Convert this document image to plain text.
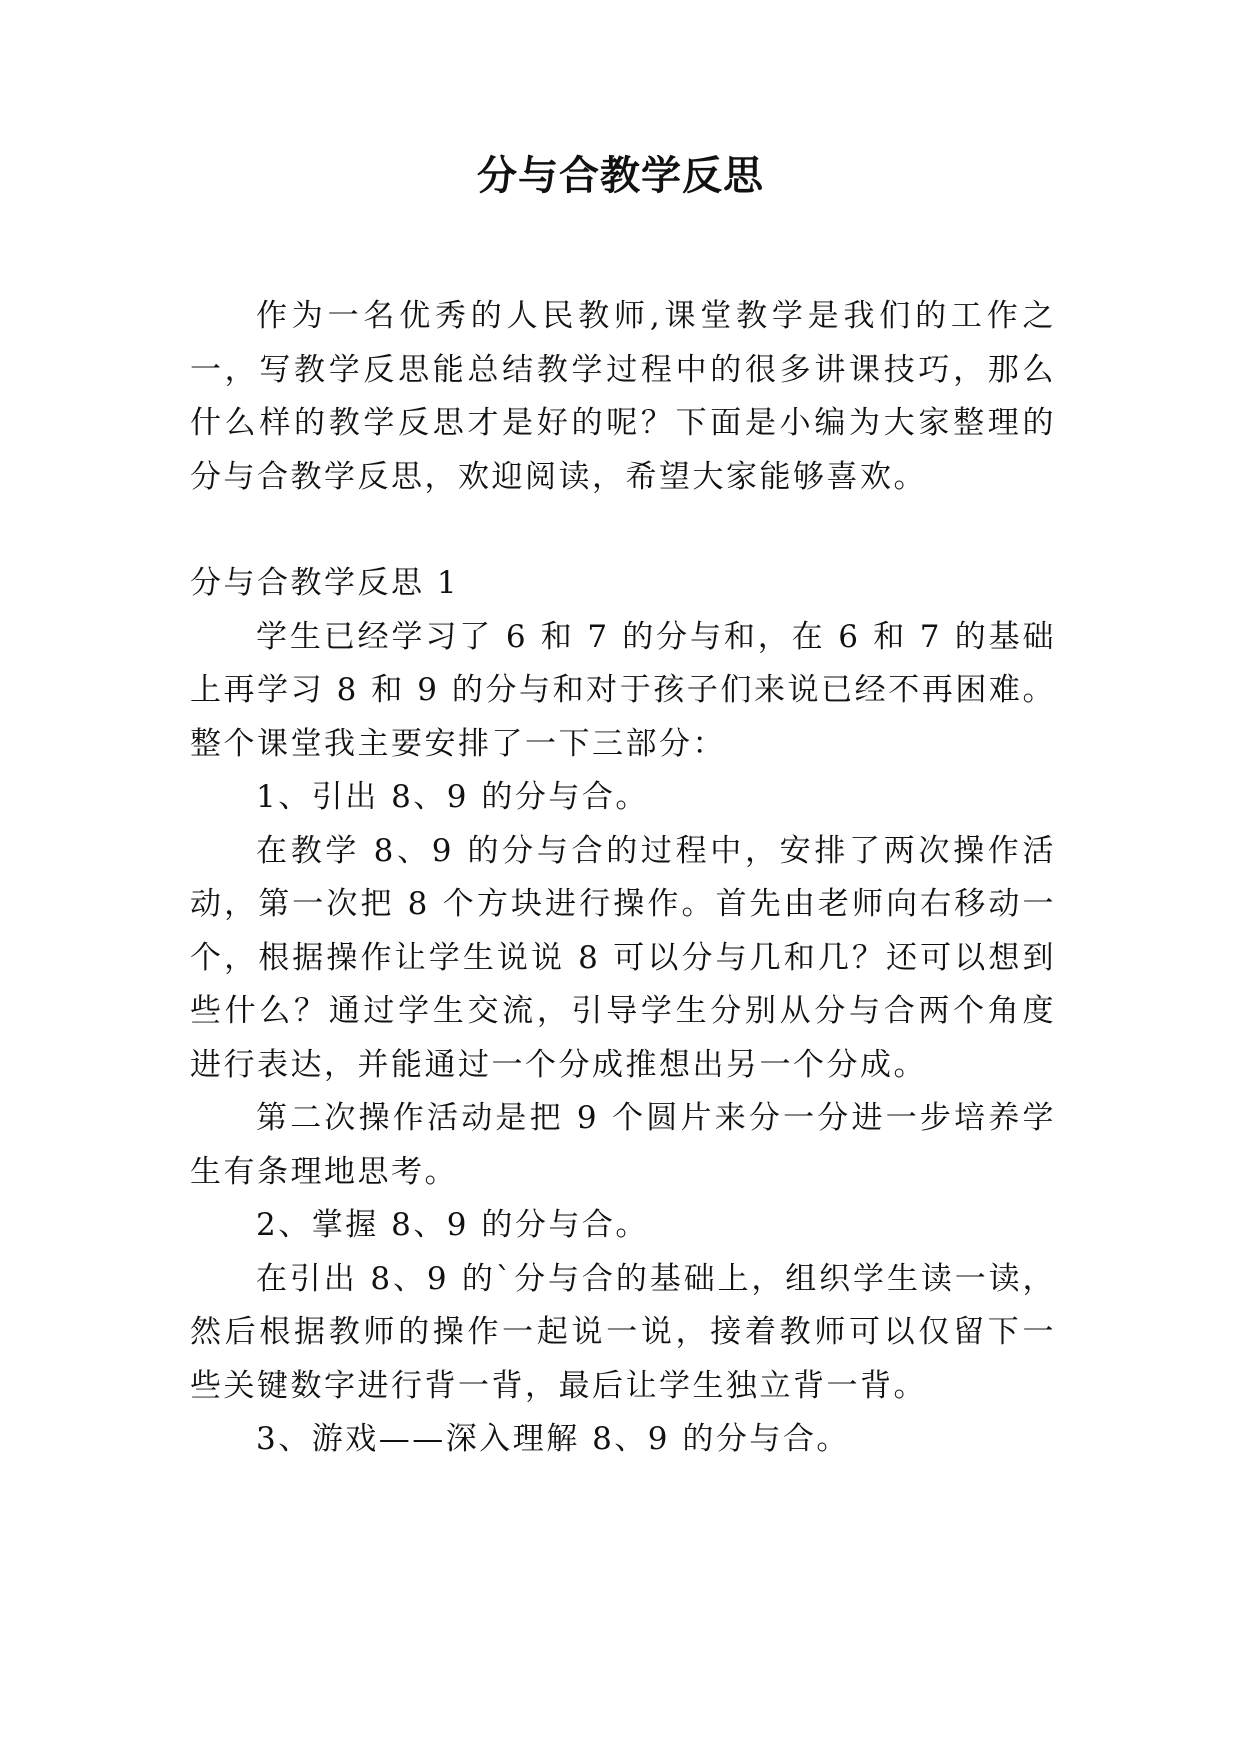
分与合教学反思

作为一名优秀的人民教师,课堂教学是我们的工作之一，写教学反思能总结教学过程中的很多讲课技巧，那么什么样的教学反思才是好的呢？下面是小编为大家整理的分与合教学反思，欢迎阅读，希望大家能够喜欢。

分与合教学反思 1

学生已经学习了 6 和 7 的分与和，在 6 和 7 的基础上再学习 8 和 9 的分与和对于孩子们来说已经不再困难。整个课堂我主要安排了一下三部分：

1、引出 8、9 的分与合。

在教学 8、9 的分与合的过程中，安排了两次操作活动，第一次把 8 个方块进行操作。首先由老师向右移动一个，根据操作让学生说说 8 可以分与几和几？还可以想到些什么？通过学生交流，引导学生分别从分与合两个角度进行表达，并能通过一个分成推想出另一个分成。

第二次操作活动是把 9 个圆片来分一分进一步培养学生有条理地思考。

2、掌握 8、9 的分与合。

在引出 8、9 的`分与合的基础上，组织学生读一读，然后根据教师的操作一起说一说，接着教师可以仅留下一些关键数字进行背一背，最后让学生独立背一背。

3、游戏——深入理解 8、9 的分与合。
